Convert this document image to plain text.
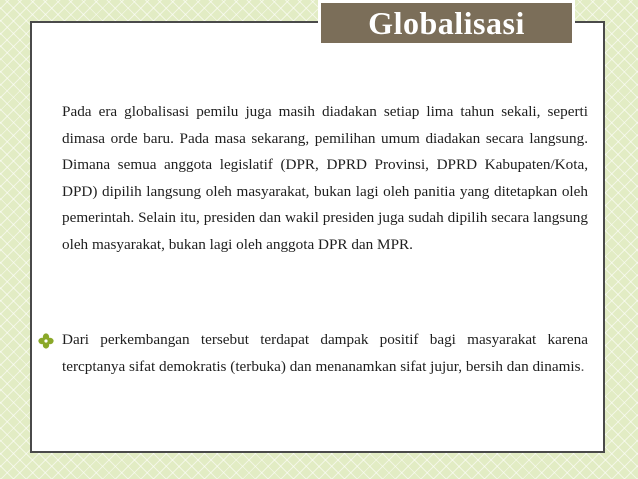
Globalisasi

Pada era globalisasi pemilu juga masih diadakan setiap lima tahun sekali, seperti dimasa orde baru. Pada masa sekarang, pemilihan umum diadakan secara langsung. Dimana semua anggota legislatif (DPR, DPRD Provinsi, DPRD Kabupaten/Kota, DPD) dipilih langsung oleh masyarakat, bukan lagi oleh panitia yang ditetapkan oleh pemerintah. Selain itu, presiden dan wakil presiden juga sudah dipilih secara langsung oleh masyarakat, bukan lagi oleh anggota DPR dan MPR.

Dari perkembangan tersebut terdapat dampak positif bagi masyarakat karena tercptanya sifat demokratis (terbuka) dan menanamkan sifat jujur, bersih dan dinamis.
